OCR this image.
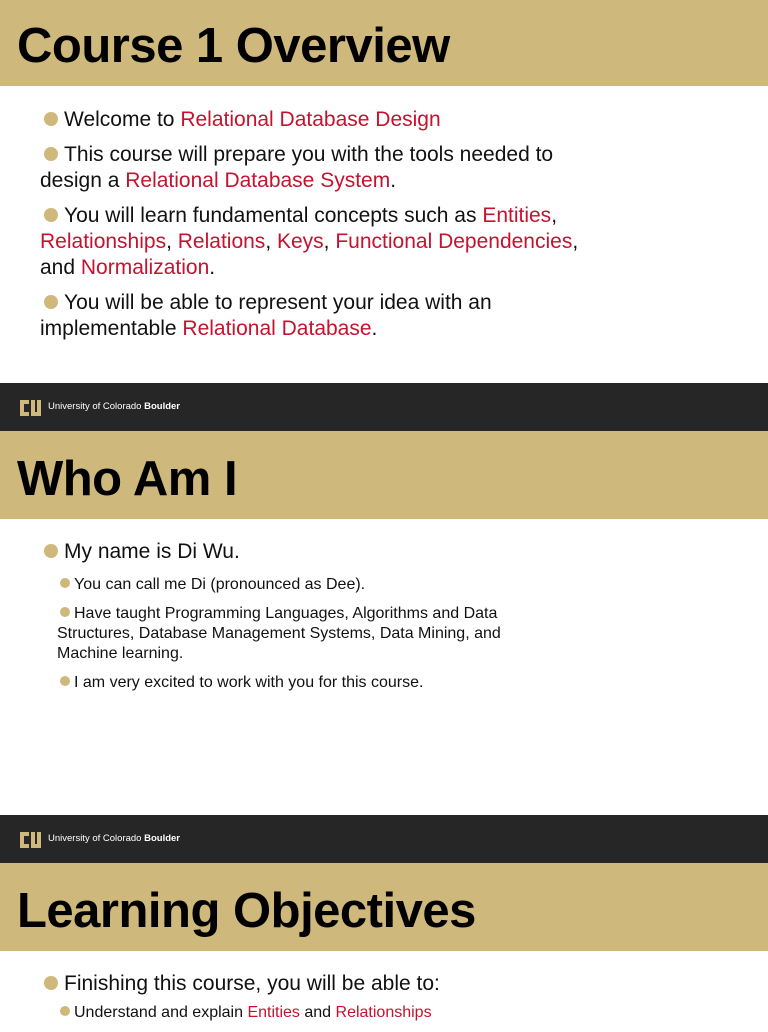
Course 1 Overview

Welcome to Relational Database Design

This course will prepare you with the tools needed to design a Relational Database System.

You will learn fundamental concepts such as Entities, Relationships, Relations, Keys, Functional Dependencies, and Normalization.

You will be able to represent your idea with an implementable Relational Database.

University of Colorado Boulder
Who Am I

My name is Di Wu.

You can call me Di (pronounced as Dee).

Have taught Programming Languages, Algorithms and Data Structures, Database Management Systems, Data Mining, and Machine learning.

I am very excited to work with you for this course.

University of Colorado Boulder
Learning Objectives

Finishing this course, you will be able to:

Understand and explain Entities and Relationships
